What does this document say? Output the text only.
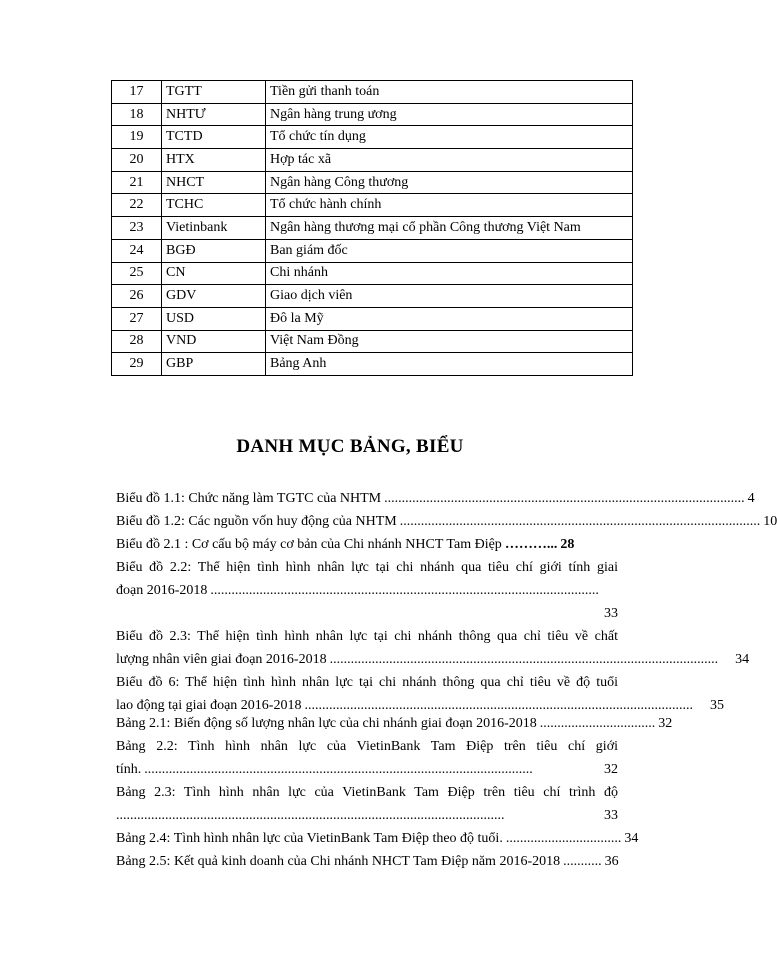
17	TGTT	Tiền gửi thanh toán
18	NHTƯ	Ngân hàng trung ương
19	TCTD	Tổ chức tín dụng
20	HTX	Hợp tác xã
21	NHCT	Ngân hàng Công thương
22	TCHC	Tổ chức hành chính
23	Vietinbank	Ngân hàng thương mại cổ phần Công thương Việt Nam
24	BGĐ	Ban giám đốc
25	CN	Chi nhánh
26	GDV	Giao dịch viên
27	USD	Đô la Mỹ
28	VND	Việt Nam Đồng
29	GBP	Bảng Anh
DANH MỤC BẢNG, BIỂU
Biểu đồ 1.1: Chức năng làm TGTC của NHTM ....................................................................................................... 4
Biểu đồ 1.2: Các nguồn vốn huy động của NHTM ....................................................................................................... 10
Biểu đồ 2.1 : Cơ cấu bộ máy cơ bản của Chi nhánh NHCT Tam Điệp ………... 28
Biểu đồ 2.2: Thể hiện tình hình nhân lực tại chi nhánh qua tiêu chí giới tính giai
đoạn 2016-2018 ...............................................................................................................
33
Biểu đồ 2.3: Thể hiện tình hình nhân lực tại chi nhánh thông qua chỉ tiêu về chất
lượng nhân viên giai đoạn 2016-2018 ...............................................................................................................	34
Biểu đồ 6: Thể hiện tình hình nhân lực tại chi nhánh thông qua chỉ tiêu về độ tuổi
lao động tại giai đoạn 2016-2018 ...............................................................................................................	35
Bảng 2.1: Biến động số lượng nhân lực của chi nhánh giai đoạn 2016-2018 ................................. 32
Bảng 2.2: Tình hình nhân lực của VietinBank Tam Điệp trên tiêu chí giới
tính. ...............................................................................................................	32
Bảng 2.3: Tình hình nhân lực của VietinBank Tam Điệp trên tiêu chí trình độ
...............................................................................................................	33
Bảng 2.4: Tình hình nhân lực của VietinBank Tam Điệp theo độ tuổi. ................................. 34
Bảng 2.5: Kết quả kinh doanh của Chi nhánh NHCT Tam Điệp năm 2016-2018 ........... 36
